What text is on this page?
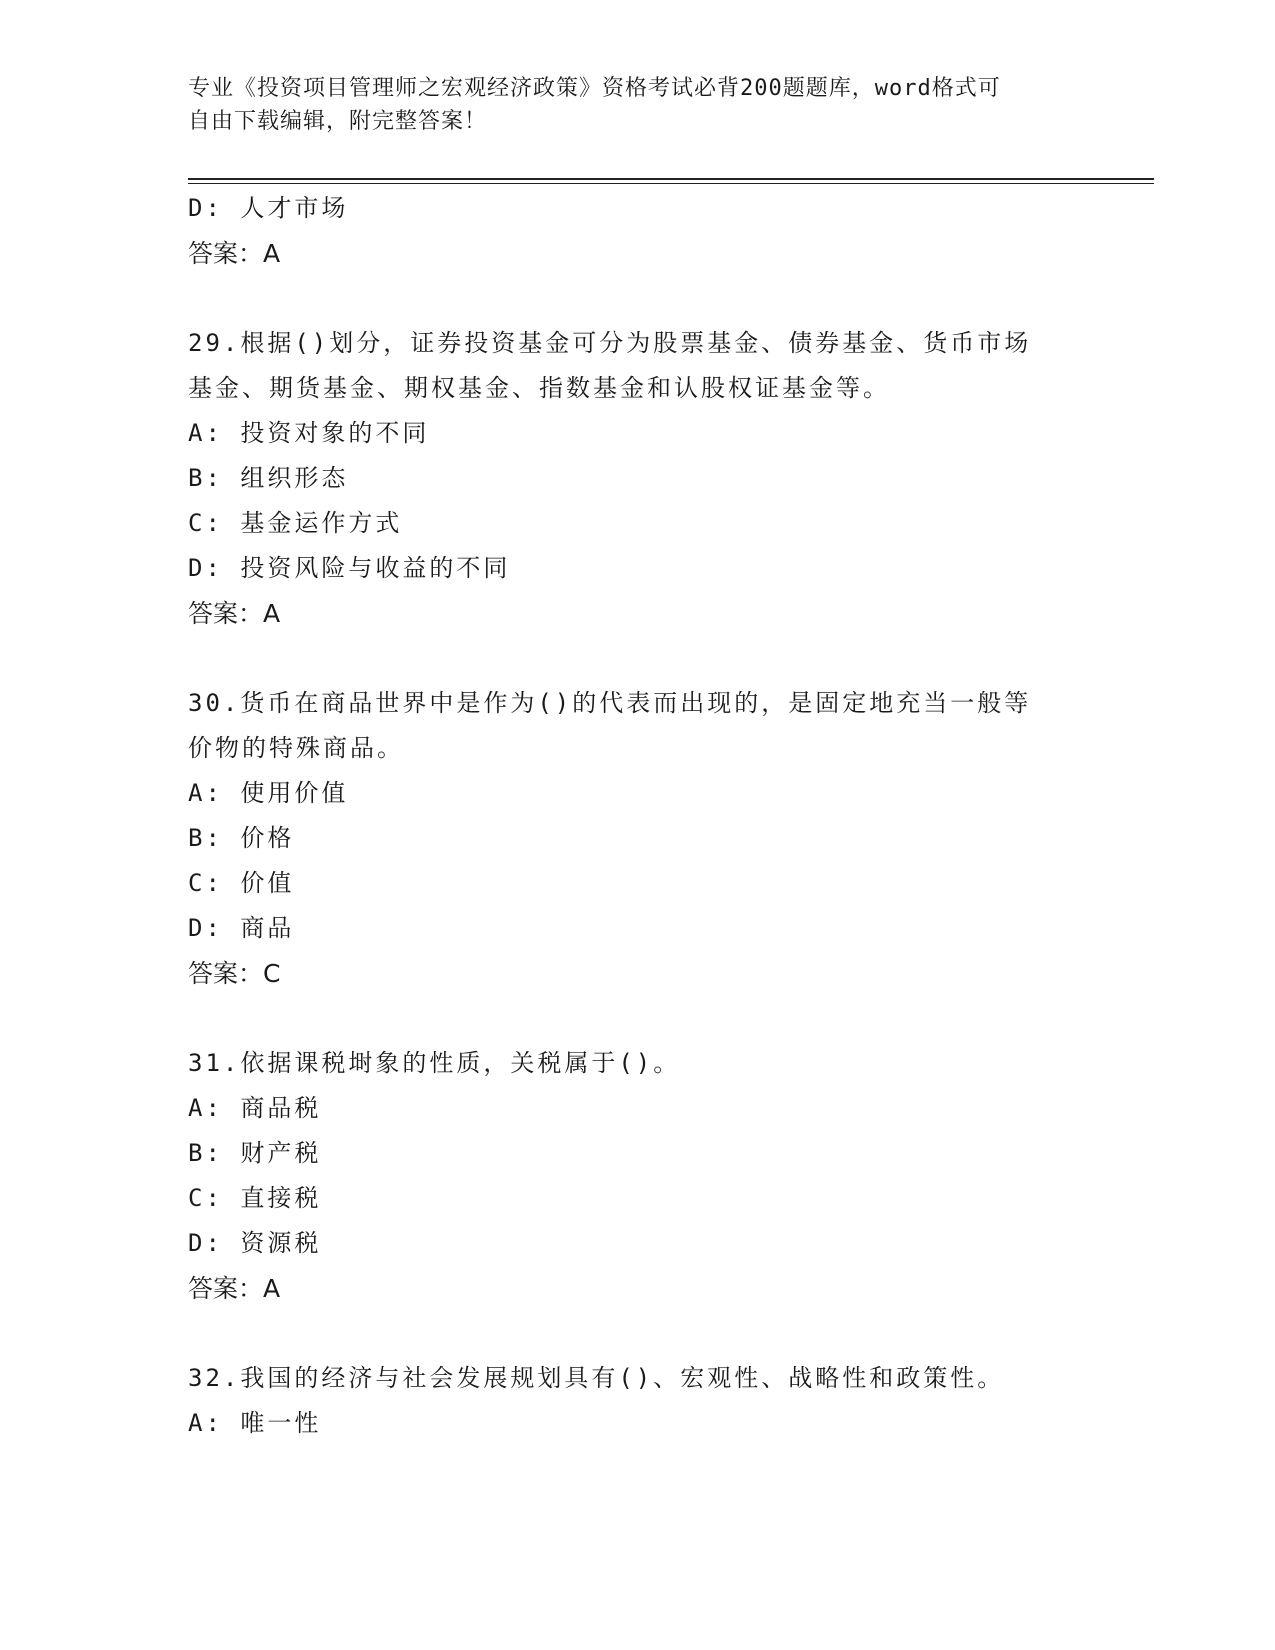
专业《投资项目管理师之宏观经济政策》资格考试必背200题题库，word格式可
自由下载编辑，附完整答案！
D: 人才市场
答案：A
29.根据()划分，证券投资基金可分为股票基金、债券基金、货币市场
基金、期货基金、期权基金、指数基金和认股权证基金等。
A: 投资对象的不同
B: 组织形态
C: 基金运作方式
D: 投资风险与收益的不同
答案：A
30.货币在商品世界中是作为()的代表而出现的，是固定地充当一般等
价物的特殊商品。
A: 使用价值
B: 价格
C: 价值
D: 商品
答案：C
31.依据课税埘象的性质，关税属于()。
A: 商品税
B: 财产税
C: 直接税
D: 资源税
答案：A
32.我国的经济与社会发展规划具有()、宏观性、战略性和政策性。
A: 唯一性
